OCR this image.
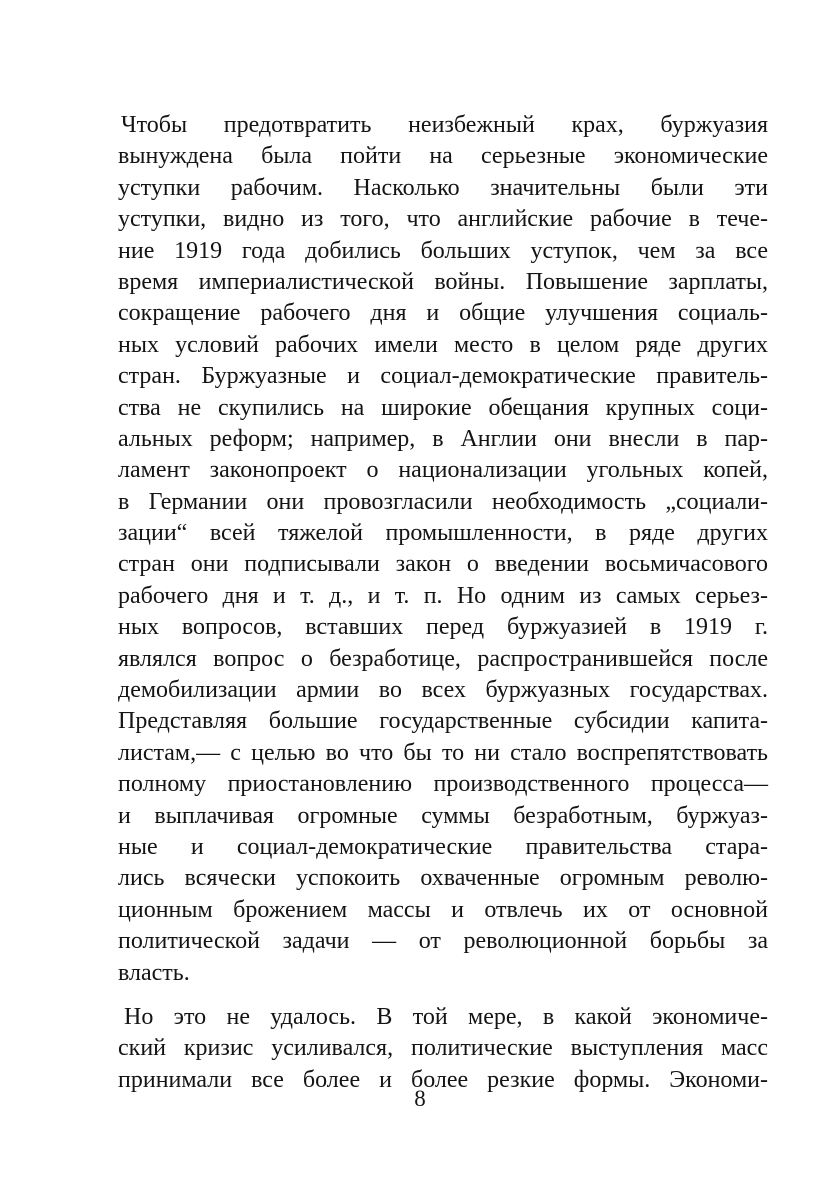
Чтобы предотвратить неизбежный крах, буржуазия
вынуждена была пойти на серьезные экономические
уступки рабочим. Насколько значительны были эти
уступки, видно из того, что английские рабочие в тече-
ние 1919 года добились больших уступок, чем за все
время империалистической войны. Повышение зарплаты,
сокращение рабочего дня и общие улучшения социаль-
ных условий рабочих имели место в целом ряде других
стран. Буржуазные и социал-демократические правитель-
ства не скупились на широкие обещания крупных соци-
альных реформ; например, в Англии они внесли в пар-
ламент законопроект о национализации угольных копей,
в Германии они провозгласили необходимость „социали-
зации“ всей тяжелой промышленности, в ряде других
стран они подписывали закон о введении восьмичасового
рабочего дня и т. д., и т. п. Но одним из самых серьез-
ных вопросов, вставших перед буржуазией в 1919 г.
являлся вопрос о безработице, распространившейся после
демобилизации армии во всех буржуазных государствах.
Представляя большие государственные субсидии капита-
листам,— с целью во что бы то ни стало воспрепятствовать
полному приостановлению производственного процесса—
и выплачивая огромные суммы безработным, буржуаз-
ные и социал-демократические правительства стара-
лись всячески успокоить охваченные огромным револю-
ционным брожением массы и отвлечь их от основной
политической задачи — от революционной борьбы за
власть.
Но это не удалось. В той мере, в какой экономиче-
ский кризис усиливался, политические выступления масс
принимали все более и более резкие формы. Экономи-
8
